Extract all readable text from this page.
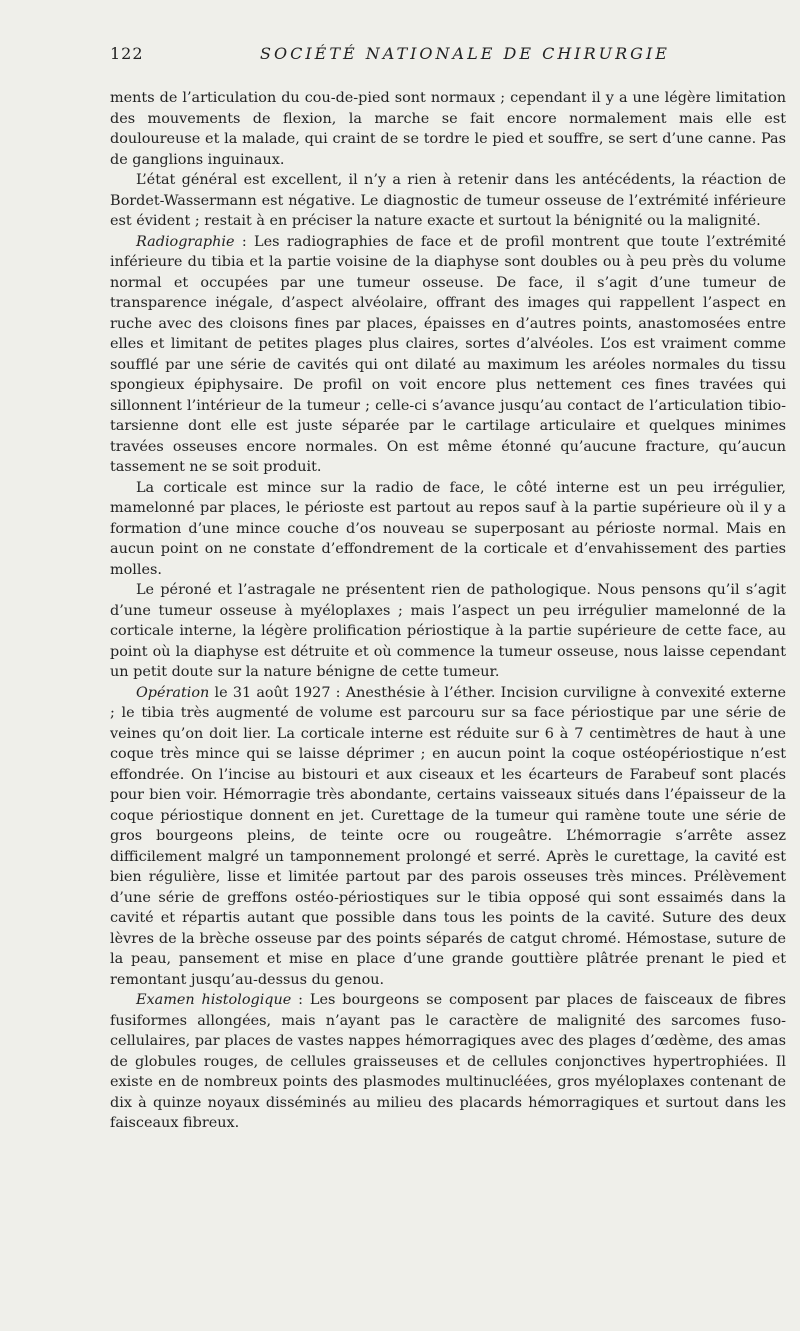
122	SOCIÉTÉ NATIONALE DE CHIRURGIE

ments de l’articulation du cou-de-pied sont normaux ; cependant il y a une légère limitation des mouvements de flexion, la marche se fait encore normalement mais elle est douloureuse et la malade, qui craint de se tordre le pied et souffre, se sert d’une canne. Pas de ganglions inguinaux.

L’état général est excellent, il n’y a rien à retenir dans les antécédents, la réaction de Bordet-Wassermann est négative. Le diagnostic de tumeur osseuse de l’extrémité inférieure est évident ; restait à en préciser la nature exacte et surtout la bénignité ou la malignité.

Radiographie : Les radiographies de face et de profil montrent que toute l’extrémité inférieure du tibia et la partie voisine de la diaphyse sont doubles ou à peu près du volume normal et occupées par une tumeur osseuse. De face, il s’agit d’une tumeur de transparence inégale, d’aspect alvéolaire, offrant des images qui rappellent l’aspect en ruche avec des cloisons fines par places, épaisses en d’autres points, anastomosées entre elles et limitant de petites plages plus claires, sortes d’alvéoles. L’os est vraiment comme soufflé par une série de cavités qui ont dilaté au maximum les aréoles normales du tissu spongieux épiphysaire. De profil on voit encore plus nettement ces fines travées qui sillonnent l’intérieur de la tumeur ; celle-ci s’avance jusqu’au contact de l’articulation tibio-tarsienne dont elle est juste séparée par le cartilage articulaire et quelques minimes travées osseuses encore normales. On est même étonné qu’aucune fracture, qu’aucun tassement ne se soit produit.

La corticale est mince sur la radio de face, le côté interne est un peu irrégulier, mamelonné par places, le périoste est partout au repos sauf à la partie supérieure où il y a formation d’une mince couche d’os nouveau se superposant au périoste normal. Mais en aucun point on ne constate d’effondrement de la corticale et d’envahissement des parties molles.

Le péroné et l’astragale ne présentent rien de pathologique. Nous pensons qu’il s’agit d’une tumeur osseuse à myéloplaxes ; mais l’aspect un peu irrégulier mamelonné de la corticale interne, la légère prolification périostique à la partie supérieure de cette face, au point où la diaphyse est détruite et où commence la tumeur osseuse, nous laisse cependant un petit doute sur la nature bénigne de cette tumeur.

Opération le 31 août 1927 : Anesthésie à l’éther. Incision curviligne à convexité externe ; le tibia très augmenté de volume est parcouru sur sa face périostique par une série de veines qu’on doit lier. La corticale interne est réduite sur 6 à 7 centimètres de haut à une coque très mince qui se laisse déprimer ; en aucun point la coque ostéopériostique n’est effondrée. On l’incise au bistouri et aux ciseaux et les écarteurs de Farabeuf sont placés pour bien voir. Hémorragie très abondante, certains vaisseaux situés dans l’épaisseur de la coque périostique donnent en jet. Curettage de la tumeur qui ramène toute une série de gros bourgeons pleins, de teinte ocre ou rougeâtre. L’hémorragie s’arrête assez difficilement malgré un tamponnement prolongé et serré. Après le curettage, la cavité est bien régulière, lisse et limitée partout par des parois osseuses très minces. Prélèvement d’une série de greffons ostéo-périostiques sur le tibia opposé qui sont essaimés dans la cavité et répartis autant que possible dans tous les points de la cavité. Suture des deux lèvres de la brèche osseuse par des points séparés de catgut chromé. Hémostase, suture de la peau, pansement et mise en place d’une grande gouttière plâtrée prenant le pied et remontant jusqu’au-dessus du genou.

Examen histologique : Les bourgeons se composent par places de faisceaux de fibres fusiformes allongées, mais n’ayant pas le caractère de malignité des sarcomes fuso-cellulaires, par places de vastes nappes hémorragiques avec des plages d’œdème, des amas de globules rouges, de cellules graisseuses et de cellules conjonctives hypertrophiées. Il existe en de nombreux points des plasmodes multinucléées, gros myéloplaxes contenant de dix à quinze noyaux disséminés au milieu des placards hémorragiques et surtout dans les faisceaux fibreux.
